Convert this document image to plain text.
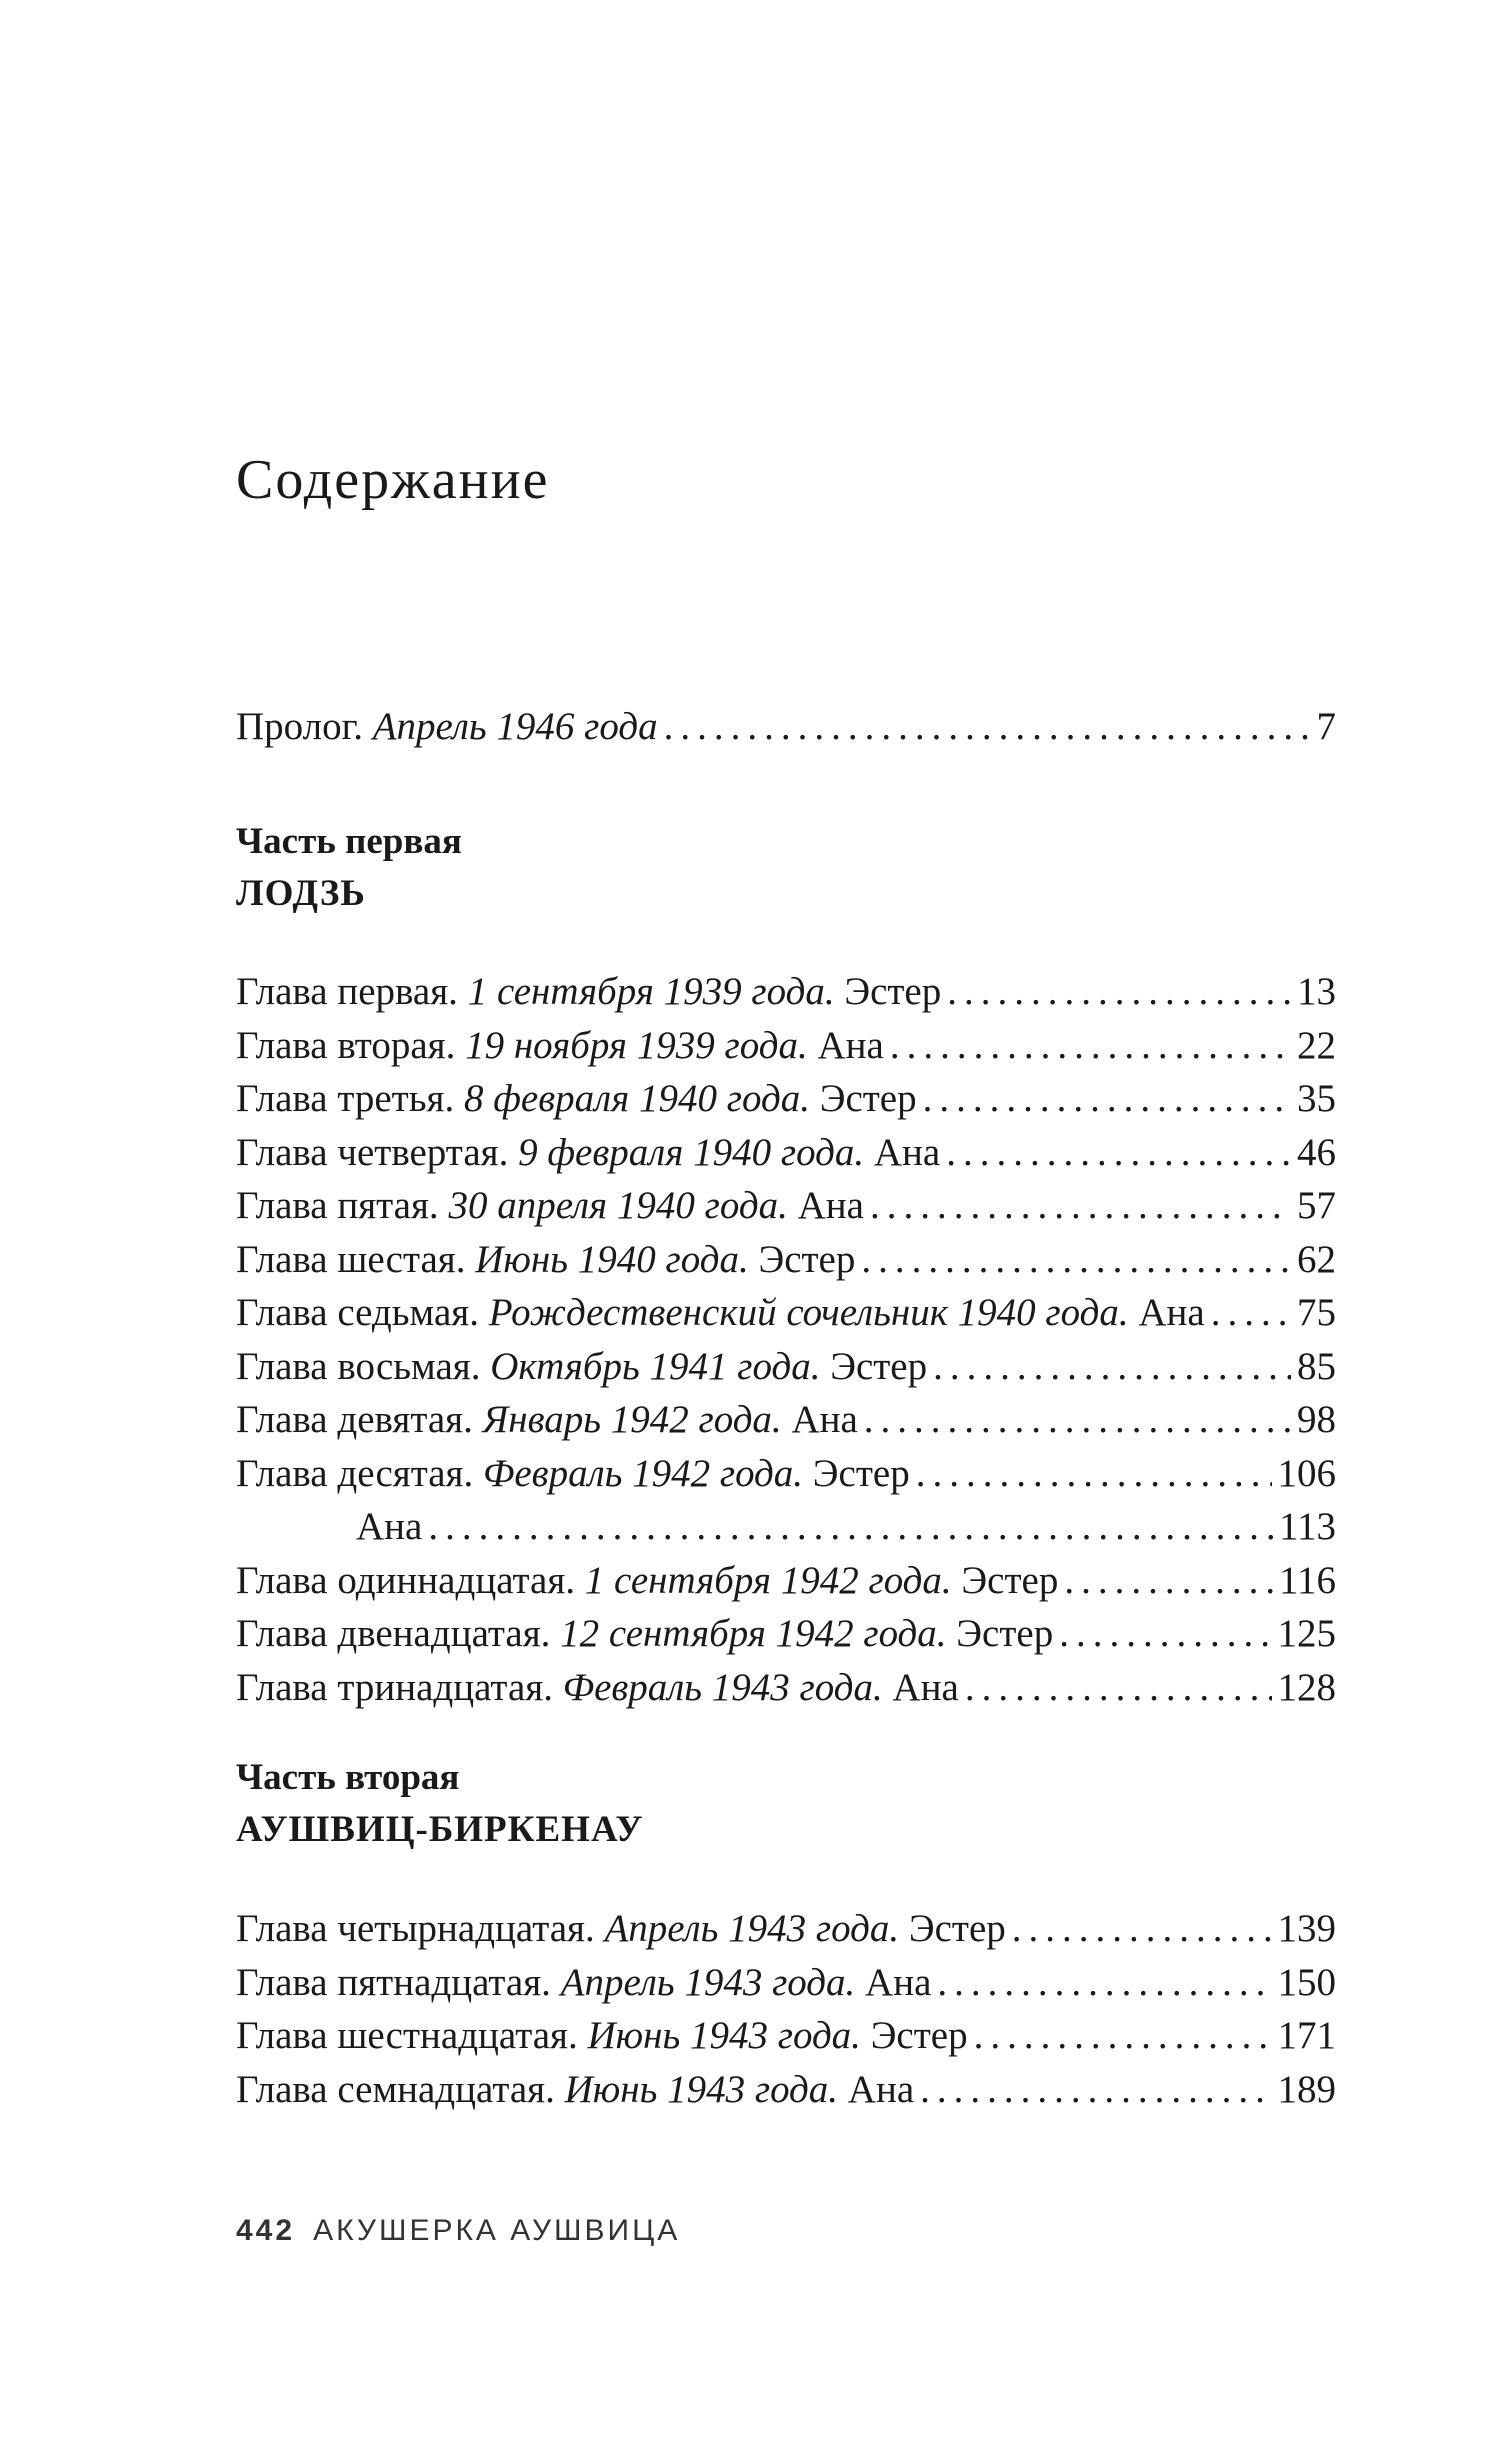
Содержание
Пролог. Апрель 1946 года .....	7
Часть первая
ЛОДЗЬ
Глава первая. 1 сентября 1939 года. Эстер .....	13
Глава вторая. 19 ноября 1939 года. Ана .....	22
Глава третья. 8 февраля 1940 года. Эстер .....	35
Глава четвертая. 9 февраля 1940 года. Ана .....	46
Глава пятая. 30 апреля 1940 года. Ана .....	57
Глава шестая. Июнь 1940 года. Эстер .....	62
Глава седьмая. Рождественский сочельник 1940 года. Ана ..... 75
Глава восьмая. Октябрь 1941 года. Эстер .....	85
Глава девятая. Январь 1942 года. Ана .....	98
Глава десятая. Февраль 1942 года. Эстер .....	106
Ана .....	113
Глава одиннадцатая. 1 сентября 1942 года. Эстер .....	116
Глава двенадцатая. 12 сентября 1942 года. Эстер .....	125
Глава тринадцатая. Февраль 1943 года. Ана .....	128
Часть вторая
АУШВИЦ-БИРКЕНАУ
Глава четырнадцатая. Апрель 1943 года. Эстер .....	139
Глава пятнадцатая. Апрель 1943 года. Ана .....	150
Глава шестнадцатая. Июнь 1943 года. Эстер .....	171
Глава семнадцатая. Июнь 1943 года. Ана .....	189
442 АКУШЕРКА АУШВИЦА
